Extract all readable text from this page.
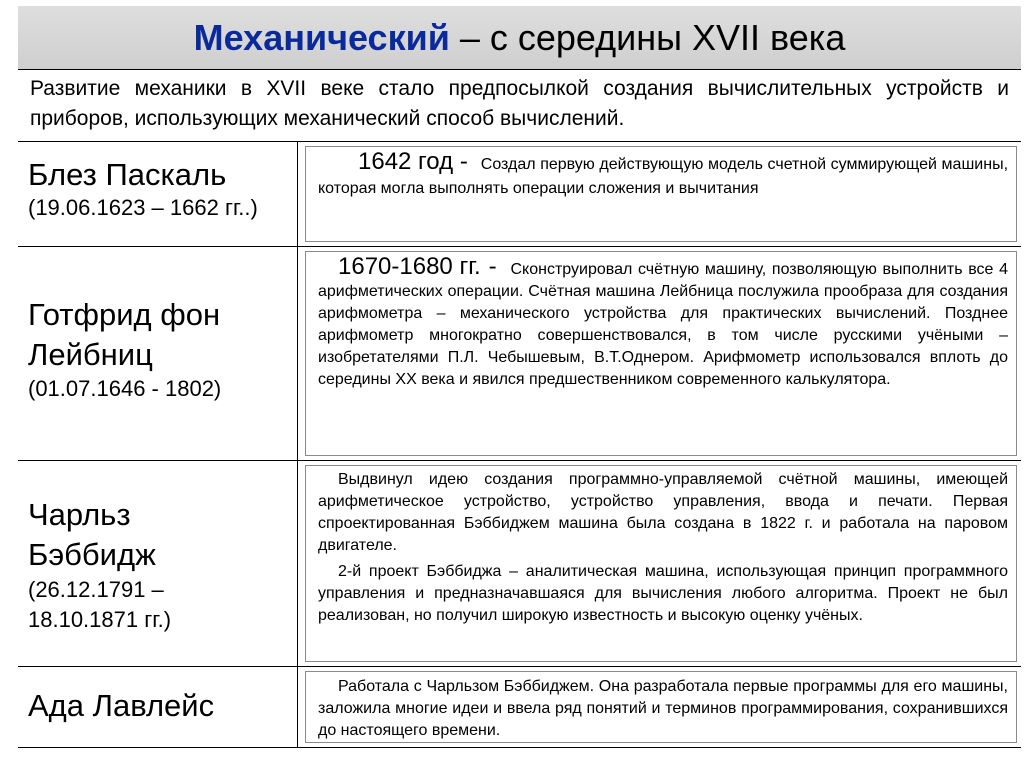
Механический – с середины XVII века
Развитие механики в XVII веке стало предпосылкой создания вычислительных устройств и приборов, использующих механический способ вычислений.
Блез Паскаль
(19.06.1623 – 1662 гг..)
1642 год - Создал первую действующую модель счетной суммирующей машины, которая могла выполнять операции сложения и вычитания
Готфрид фон Лейбниц
(01.07.1646 - 1802)
1670-1680 гг. - Сконструировал счётную машину, позволяющую выполнить все 4 арифметических операции. Счётная машина Лейбница послужила прообраза для создания арифмометра – механического устройства для практических вычислений. Позднее арифмометр многократно совершенствовался, в том числе русскими учёными – изобретателями П.Л. Чебышевым, В.Т.Однером. Арифмометр использовался вплоть до середины XX века и явился предшественником современного калькулятора.
Чарльз Бэббидж
(26.12.1791 – 18.10.1871 гг.)
Выдвинул идею создания программно-управляемой счётной машины, имеющей арифметическое устройство, устройство управления, ввода и печати. Первая спроектированная Бэббиджем машина была создана в 1822 г. и работала на паровом двигателе.
2-й проект Бэббиджа – аналитическая машина, использующая принцип программного управления и предназначавшаяся для вычисления любого алгоритма. Проект не был реализован, но получил широкую известность и высокую оценку учёных.
Ада Лавлейс
Работала с Чарльзом Бэббиджем. Она разработала первые программы для его машины, заложила многие идеи и ввела ряд понятий и терминов программирования, сохранившихся до настоящего времени.
